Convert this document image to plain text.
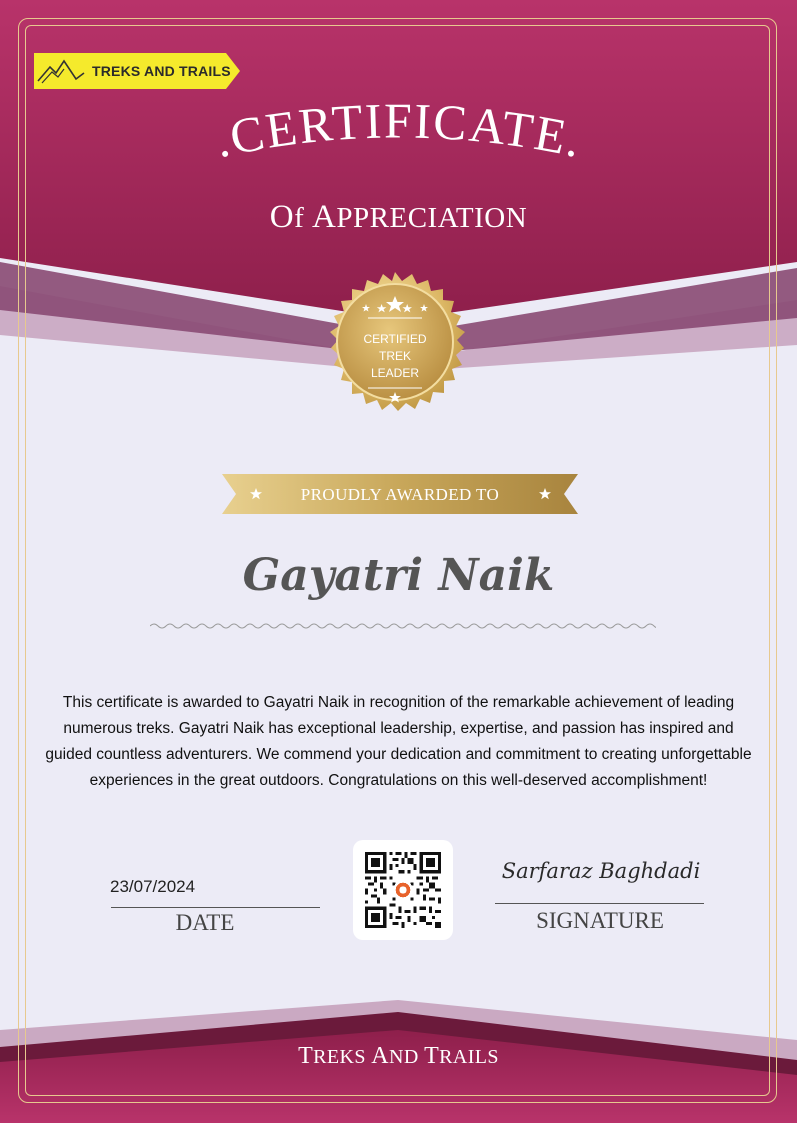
TREKS AND TRAILS
.CERTIFICATE.
Of APPRECIATION
CERTIFIED
TREK
LEADER
PROUDLY AWARDED TO
Gayatri Naik
This certificate is awarded to Gayatri Naik in recognition of the remarkable achievement of leading numerous treks. Gayatri Naik has exceptional leadership, expertise, and passion has inspired and guided countless adventurers. We commend your dedication and commitment to creating unforgettable experiences in the great outdoors. Congratulations on this well-deserved accomplishment!
23/07/2024
DATE
Sarfaraz Baghdadi
SIGNATURE
TREKS AND TRAILS
